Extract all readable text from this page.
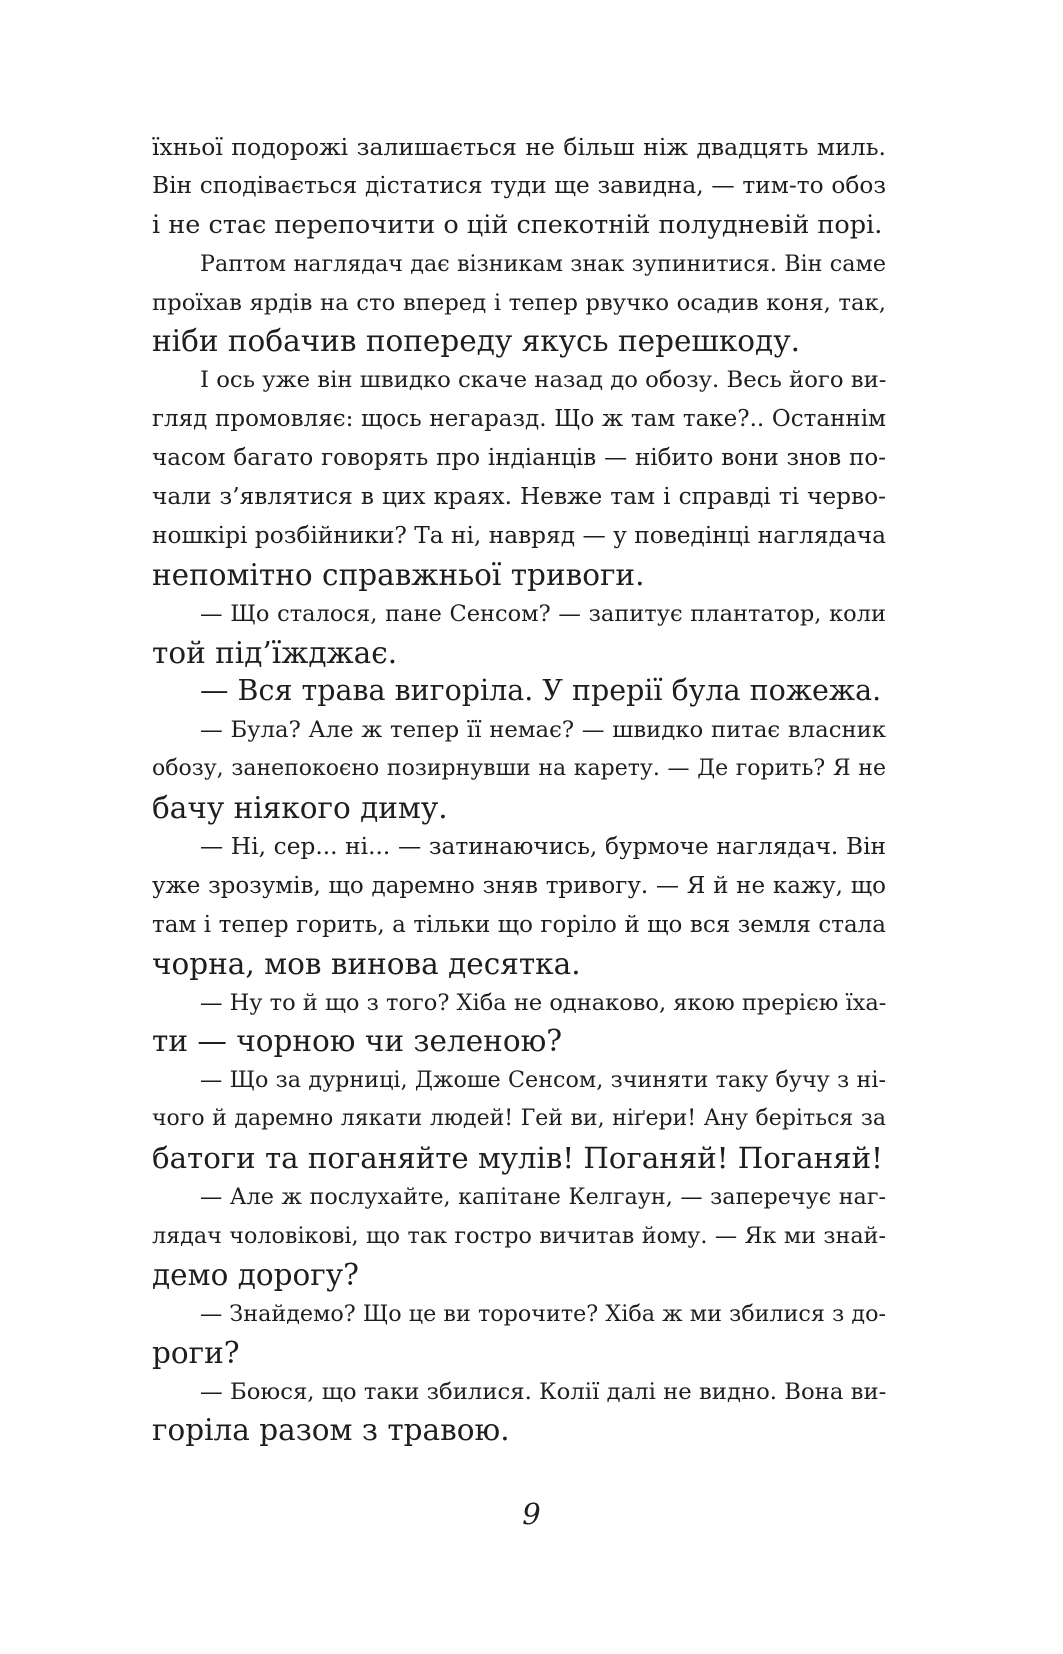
їхньої подорожі залишається не більш ніж двадцять миль.
Він сподівається дістатися туди ще завидна, — тим-то обоз
і не стає перепочити о цій спекотній полудневій порі.
Раптом наглядач дає візникам знак зупинитися. Він саме
проїхав ярдів на сто вперед і тепер рвучко осадив коня, так,
ніби побачив попереду якусь перешкоду.
І ось уже він швидко скаче назад до обозу. Весь його ви-
гляд промовляє: щось негаразд. Що ж там таке?.. Останнім
часом багато говорять про індіанців — нібито вони знов по-
чали з’являтися в цих краях. Невже там і справді ті черво-
ношкірі розбійники? Та ні, навряд — у поведінці наглядача
непомітно справжньої тривоги.
— Що сталося, пане Сенсом? — запитує плантатор, коли
той під’їжджає.
— Вся трава вигоріла. У прерії була пожежа.
— Була? Але ж тепер її немає? — швидко питає власник
обозу, занепокоєно позирнувши на карету. — Де горить? Я не
бачу ніякого диму.
— Ні, сер... ні... — затинаючись, бурмоче наглядач. Він
уже зрозумів, що даремно зняв тривогу. — Я й не кажу, що
там і тепер горить, а тільки що горіло й що вся земля стала
чорна, мов винова десятка.
— Ну то й що з того? Хіба не однаково, якою прерією їха-
ти — чорною чи зеленою?
— Що за дурниці, Джоше Сенсом, зчиняти таку бучу з ні-
чого й даремно лякати людей! Гей ви, ніґери! Ану беріться за
батоги та поганяйте мулів! Поганяй! Поганяй!
— Але ж послухайте, капітане Келгаун, — заперечує наг-
лядач чоловікові, що так гостро вичитав йому. — Як ми знай-
демо дорогу?
— Знайдемо? Що це ви торочите? Хіба ж ми збилися з до-
роги?
— Боюся, що таки збилися. Колії далі не видно. Вона ви-
горіла разом з травою.
9
